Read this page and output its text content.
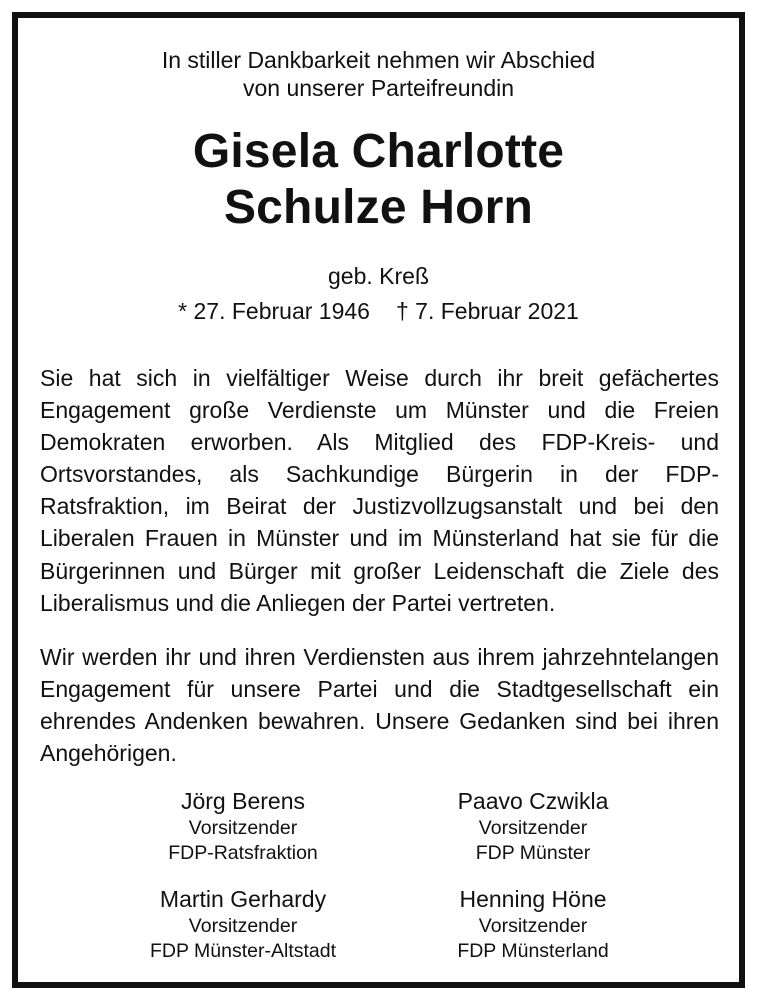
In stiller Dankbarkeit nehmen wir Abschied
von unserer Parteifreundin
Gisela Charlotte
Schulze Horn
geb. Kreß
* 27. Februar 1946 † 7. Februar 2021
Sie hat sich in vielfältiger Weise durch ihr breit gefächertes Engagement große Verdienste um Münster und die Freien Demokraten erworben. Als Mitglied des FDP-Kreis- und Ortsvorstandes, als Sachkundige Bürgerin in der FDP-Ratsfraktion, im Beirat der Justizvollzugsanstalt und bei den Liberalen Frauen in Münster und im Münsterland hat sie für die Bürgerinnen und Bürger mit großer Leidenschaft die Ziele des Liberalismus und die Anliegen der Partei vertreten.
Wir werden ihr und ihren Verdiensten aus ihrem jahrzehntelangen Engagement für unsere Partei und die Stadtgesellschaft ein ehrendes Andenken bewahren. Unsere Gedanken sind bei ihren Angehörigen.
Jörg Berens
Vorsitzender
FDP-Ratsfraktion
Paavo Czwikla
Vorsitzender
FDP Münster
Martin Gerhardy
Vorsitzender
FDP Münster-Altstadt
Henning Höne
Vorsitzender
FDP Münsterland
